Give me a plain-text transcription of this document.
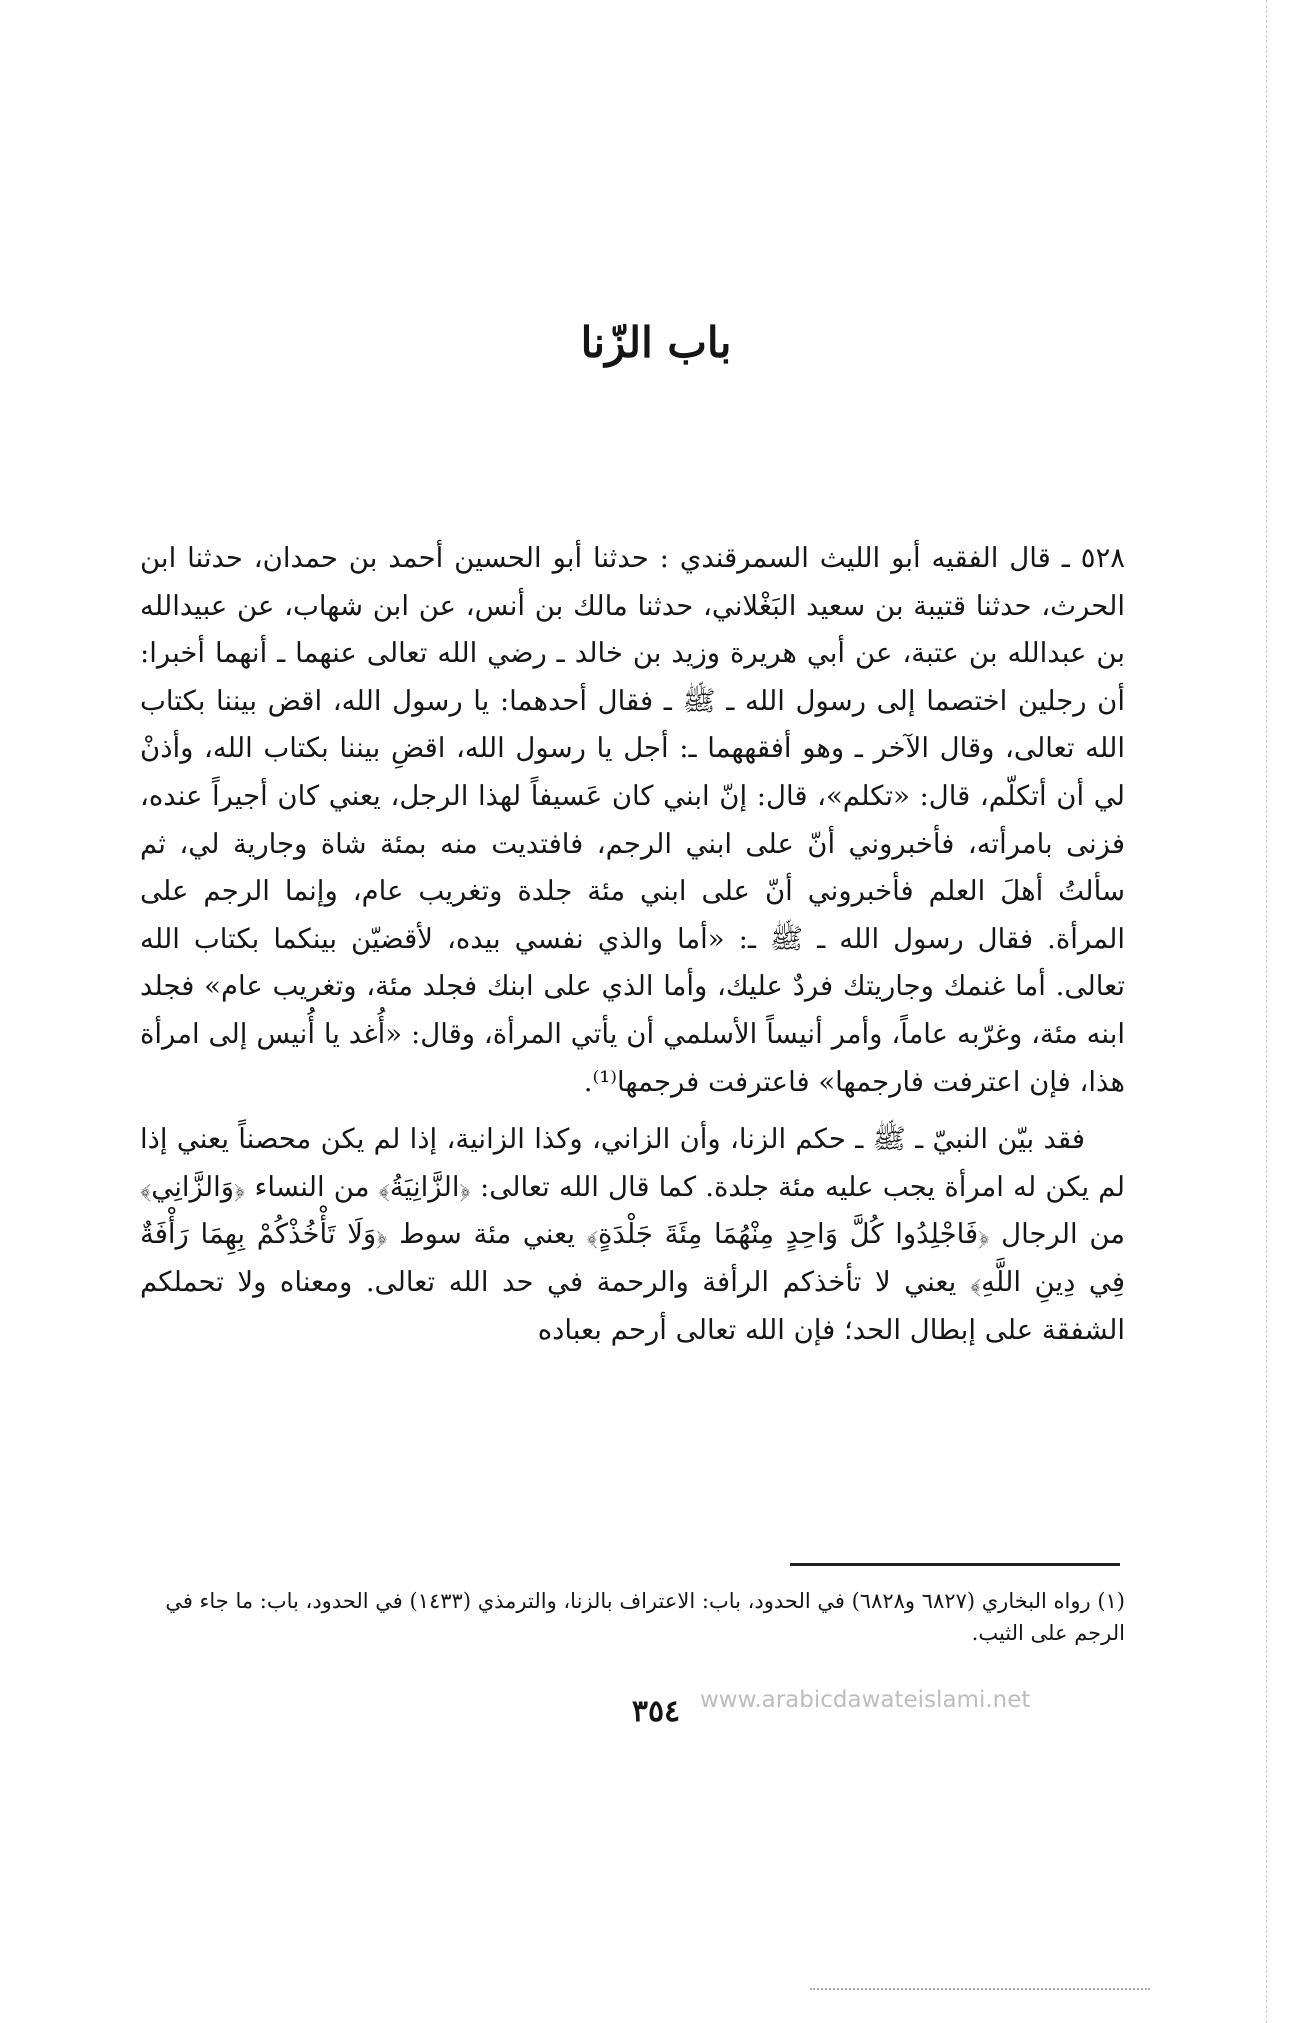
باب الزّنا

٥٢٨ ـ قال الفقيه أبو الليث السمرقندي : حدثنا أبو الحسين أحمد بن حمدان، حدثنا ابن الحرث، حدثنا قتيبة بن سعيد البَغْلاني، حدثنا مالك بن أنس، عن ابن شهاب، عن عبيدالله بن عبدالله بن عتبة، عن أبي هريرة وزيد بن خالد ـ رضي الله تعالى عنهما ـ أنهما أخبرا: أن رجلين اختصما إلى رسول الله ـ ﷺ ـ فقال أحدهما: يا رسول الله، اقض بيننا بكتاب الله تعالى، وقال الآخر ـ وهو أفقههما ـ: أجل يا رسول الله، اقضِ بيننا بكتاب الله، وأذنْ لي أن أتكلّم، قال: «تكلم»، قال: إنّ ابني كان عَسيفاً لهذا الرجل، يعني كان أجيراً عنده، فزنى بامرأته، فأخبروني أنّ على ابني الرجم، فافتديت منه بمئة شاة وجارية لي، ثم سألتُ أهلَ العلم فأخبروني أنّ على ابني مئة جلدة وتغريب عام، وإنما الرجم على المرأة. فقال رسول الله ـ ﷺ ـ: «أما والذي نفسي بيده، لأقضيّن بينكما بكتاب الله تعالى. أما غنمك وجاريتك فردٌ عليك، وأما الذي على ابنك فجلد مئة، وتغريب عام» فجلد ابنه مئة، وغرّبه عاماً، وأمر أنيساً الأسلمي أن يأتي المرأة، وقال: «أُغد يا أُنيس إلى امرأة هذا، فإن اعترفت فارجمها» فاعترفت فرجمها⁽¹⁾.

فقد بيّن النبيّ ـ ﷺ ـ حكم الزنا، وأن الزاني، وكذا الزانية، إذا لم يكن محصناً يعني إذا لم يكن له امرأة يجب عليه مئة جلدة. كما قال الله تعالى: ﴿الزَّانِيَةُ﴾ من النساء ﴿وَالزَّانِي﴾ من الرجال ﴿فَاجْلِدُوا كُلَّ وَاحِدٍ مِنْهُمَا مِئَةَ جَلْدَةٍ﴾ يعني مئة سوط ﴿وَلَا تَأْخُذْكُمْ بِهِمَا رَأْفَةٌ فِي دِينِ اللَّهِ﴾ يعني لا تأخذكم الرأفة والرحمة في حد الله تعالى. ومعناه ولا تحملكم الشفقة على إبطال الحد؛ فإن الله تعالى أرحم بعباده

(١) رواه البخاري (٦٨٢٧ و٦٨٢٨) في الحدود، باب: الاعتراف بالزنا، والترمذي (١٤٣٣) في الحدود، باب: ما جاء في الرجم على الثيب.
www.arabicdawateislami.net
٣٥٤
